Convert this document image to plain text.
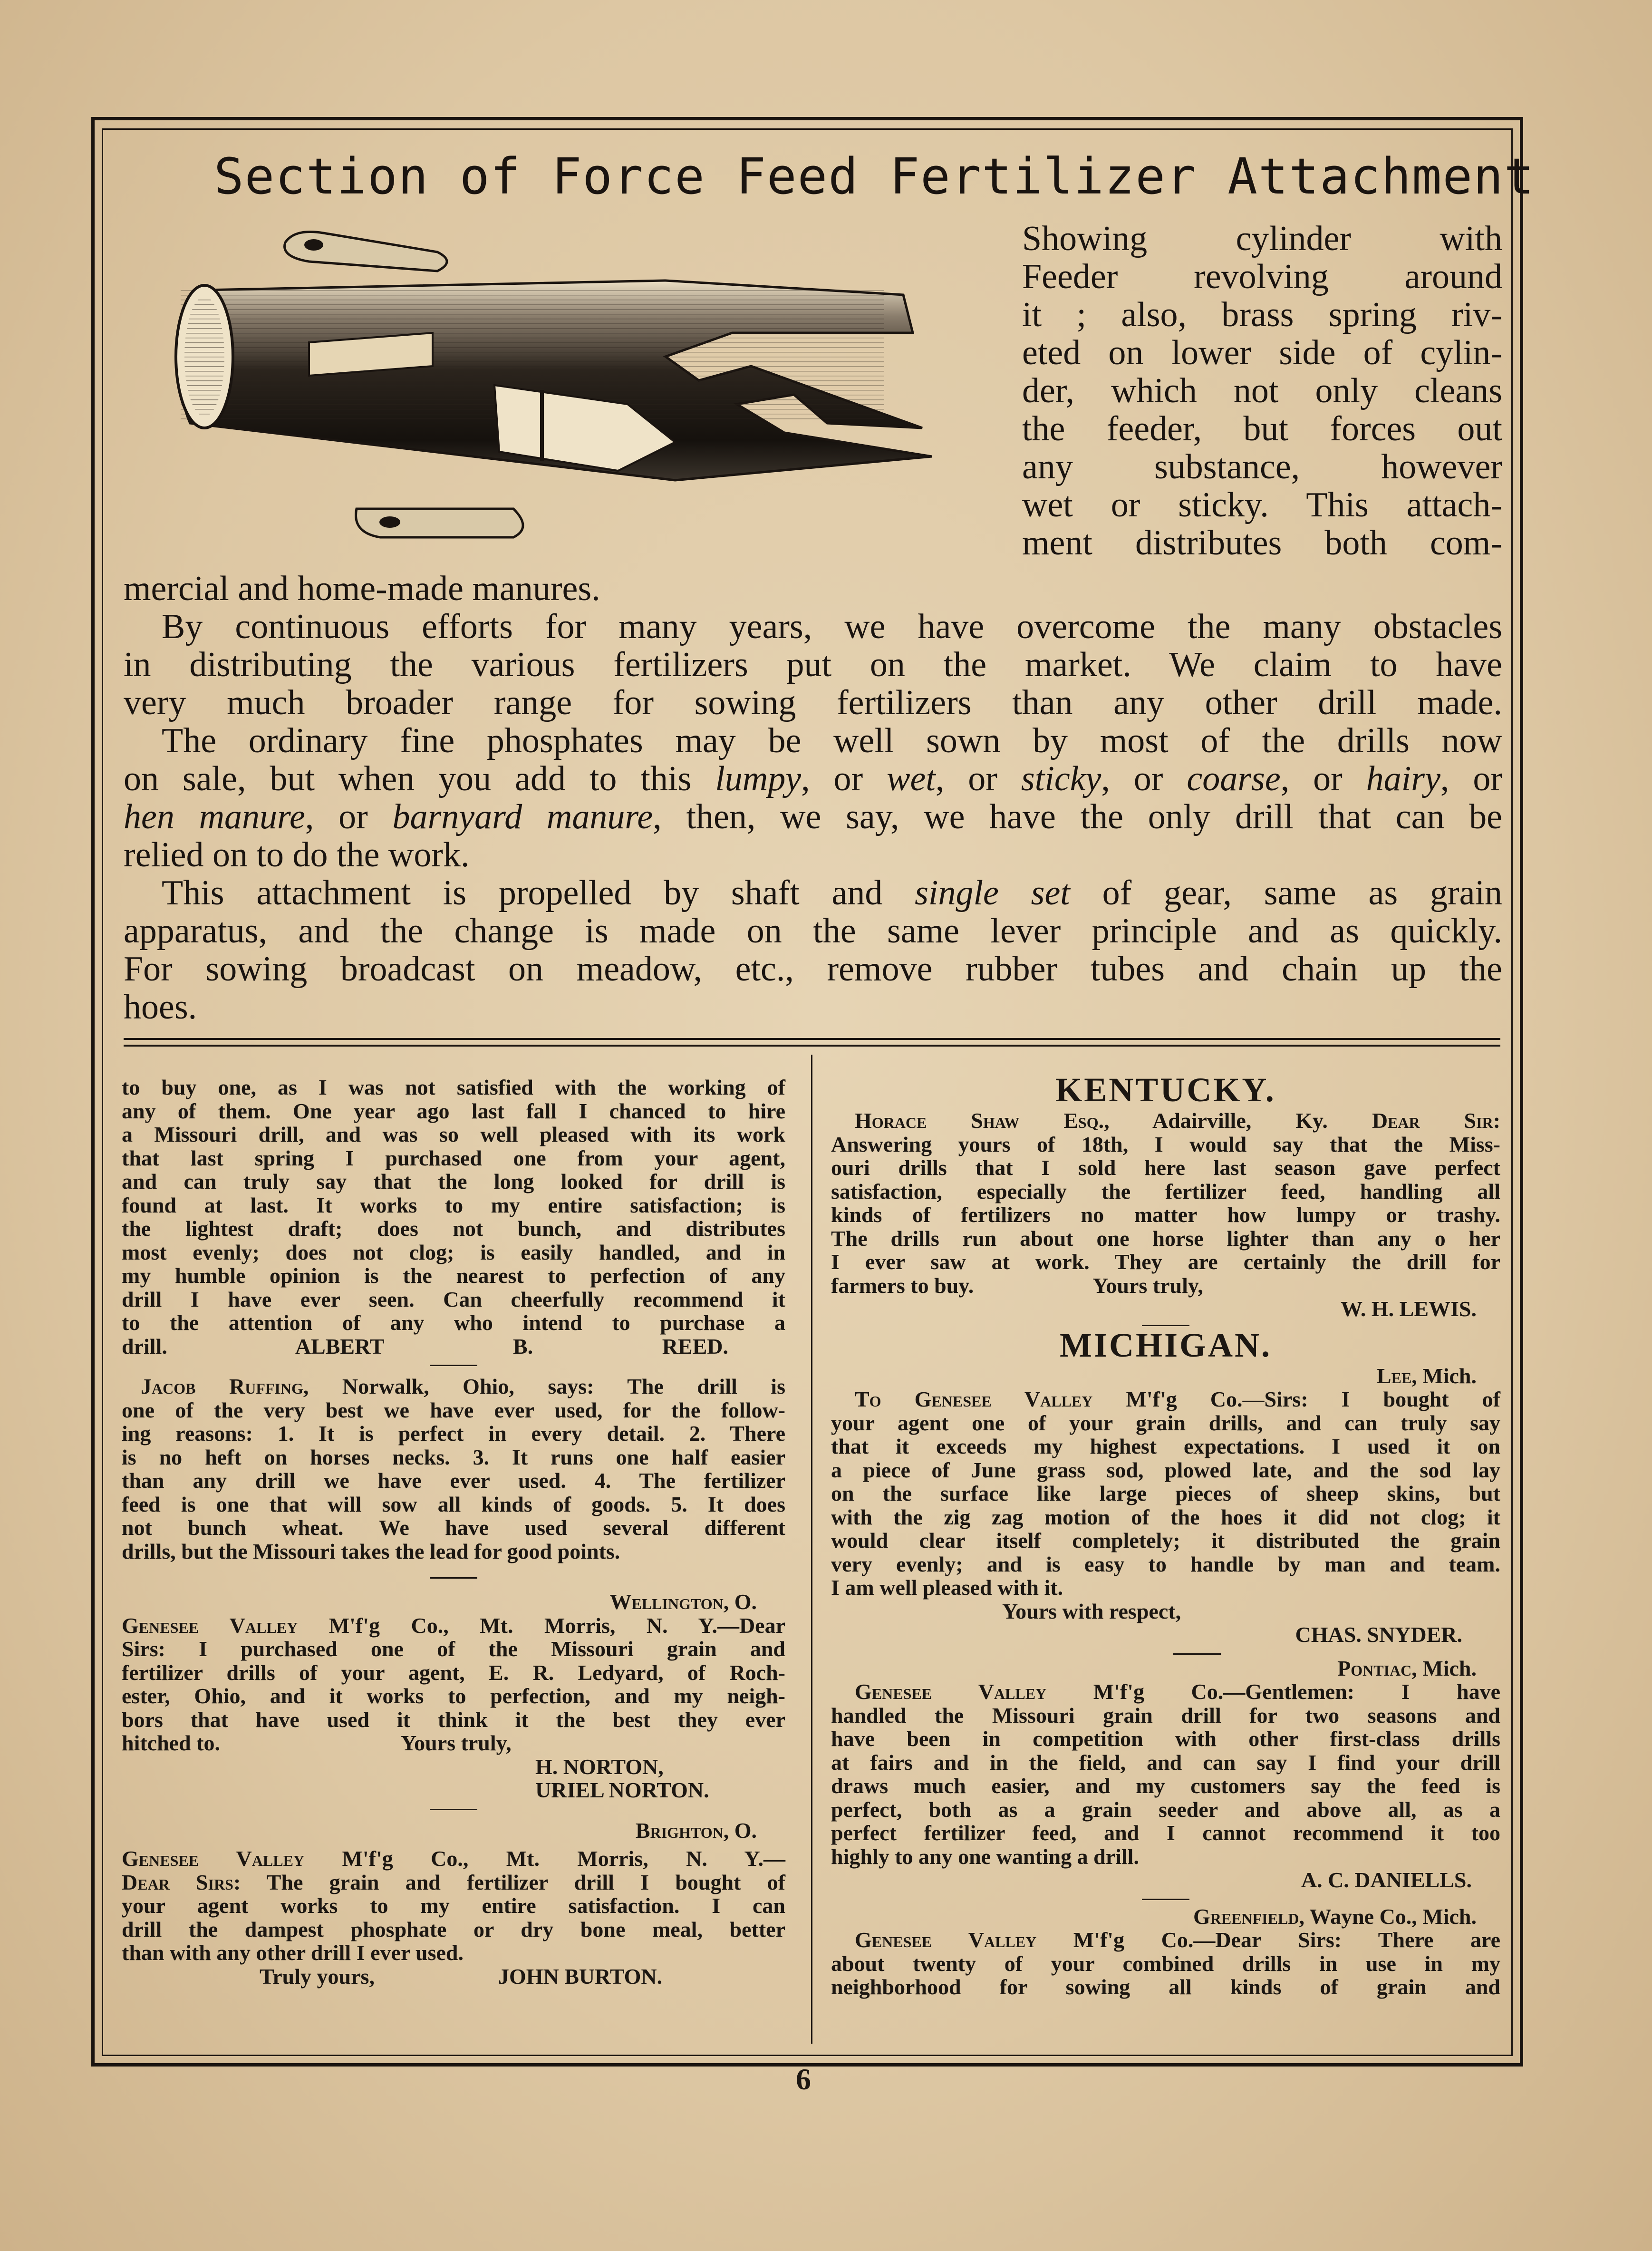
Section of Force Feed Fertilizer Attachment
Showing cylinder with
Feeder revolving around
it ; also, brass spring riv-
eted on lower side of cylin-
der, which not only cleans
the feeder, but forces out
any substance, however
wet or sticky. This attach-
ment distributes both com-
mercial and home-made manures.
By continuous efforts for many years, we have overcome the many obstacles
in distributing the various fertilizers put on the market. We claim to have
very much broader range for sowing fertilizers than any other drill made.
The ordinary fine phosphates may be well sown by most of the drills now
on sale, but when you add to this lumpy, or wet, or sticky, or coarse, or hairy, or
hen manure, or barnyard manure, then, we say, we have the only drill that can be
relied on to do the work.
This attachment is propelled by shaft and single set of gear, same as grain
apparatus, and the change is made on the same lever principle and as quickly.
For sowing broadcast on meadow, etc., remove rubber tubes and chain up the
hoes.
to buy one, as I was not satisfied with the working of
any of them. One year ago last fall I chanced to hire
a Missouri drill, and was so well pleased with its work
that last spring I purchased one from your agent,
and can truly say that the long looked for drill is
found at last. It works to my entire satisfaction; is
the lightest draft; does not bunch, and distributes
most evenly; does not clog; is easily handled, and in
my humble opinion is the nearest to perfection of any
drill I have ever seen. Can cheerfully recommend it
to the attention of any who intend to purchase a
drill.	ALBERT B. REED.
Jacob Ruffing, Norwalk, Ohio, says: The drill is
one of the very best we have ever used, for the follow-
ing reasons: 1. It is perfect in every detail. 2. There
is no heft on horses necks. 3. It runs one half easier
than any drill we have ever used. 4. The fertilizer
feed is one that will sow all kinds of goods. 5. It does
not bunch wheat. We have used several different
drills, but the Missouri takes the lead for good points.
Wellington, O.
Genesee Valley M'f'g Co., Mt. Morris, N. Y.—Dear
Sirs: I purchased one of the Missouri grain and
fertilizer drills of your agent, E. R. Ledyard, of Roch-
ester, Ohio, and it works to perfection, and my neigh-
bors that have used it think it the best they ever
hitched to.	Yours truly,
H. NORTON,
URIEL NORTON.
Brighton, O.
Genesee Valley M'f'g Co., Mt. Morris, N. Y.—
Dear Sirs: The grain and fertilizer drill I bought of
your agent works to my entire satisfaction. I can
drill the dampest phosphate or dry bone meal, better
than with any other drill I ever used.
Truly yours,	JOHN BURTON.
KENTUCKY.
Horace Shaw Esq., Adairville, Ky. Dear Sir:
Answering yours of 18th, I would say that the Miss-
ouri drills that I sold here last season gave perfect
satisfaction, especially the fertilizer feed, handling all
kinds of fertilizers no matter how lumpy or trashy.
The drills run about one horse lighter than any o her
I ever saw at work. They are certainly the drill for
farmers to buy.	Yours truly,
W. H. LEWIS.
MICHIGAN.
Lee, Mich.
To Genesee Valley M'f'g Co.—Sirs: I bought of
your agent one of your grain drills, and can truly say
that it exceeds my highest expectations. I used it on
a piece of June grass sod, plowed late, and the sod lay
on the surface like large pieces of sheep skins, but
with the zig zag motion of the hoes it did not clog; it
would clear itself completely; it distributed the grain
very evenly; and is easy to handle by man and team.
I am well pleased with it.
Yours with respect,
CHAS. SNYDER.
Pontiac, Mich.
Genesee Valley M'f'g Co.—Gentlemen: I have
handled the Missouri grain drill for two seasons and
have been in competition with other first-class drills
at fairs and in the field, and can say I find your drill
draws much easier, and my customers say the feed is
perfect, both as a grain seeder and above all, as a
perfect fertilizer feed, and I cannot recommend it too
highly to any one wanting a drill.
A. C. DANIELLS.
Greenfield, Wayne Co., Mich.
Genesee Valley M'f'g Co.—Dear Sirs: There are
about twenty of your combined drills in use in my
neighborhood for sowing all kinds of grain and
6
